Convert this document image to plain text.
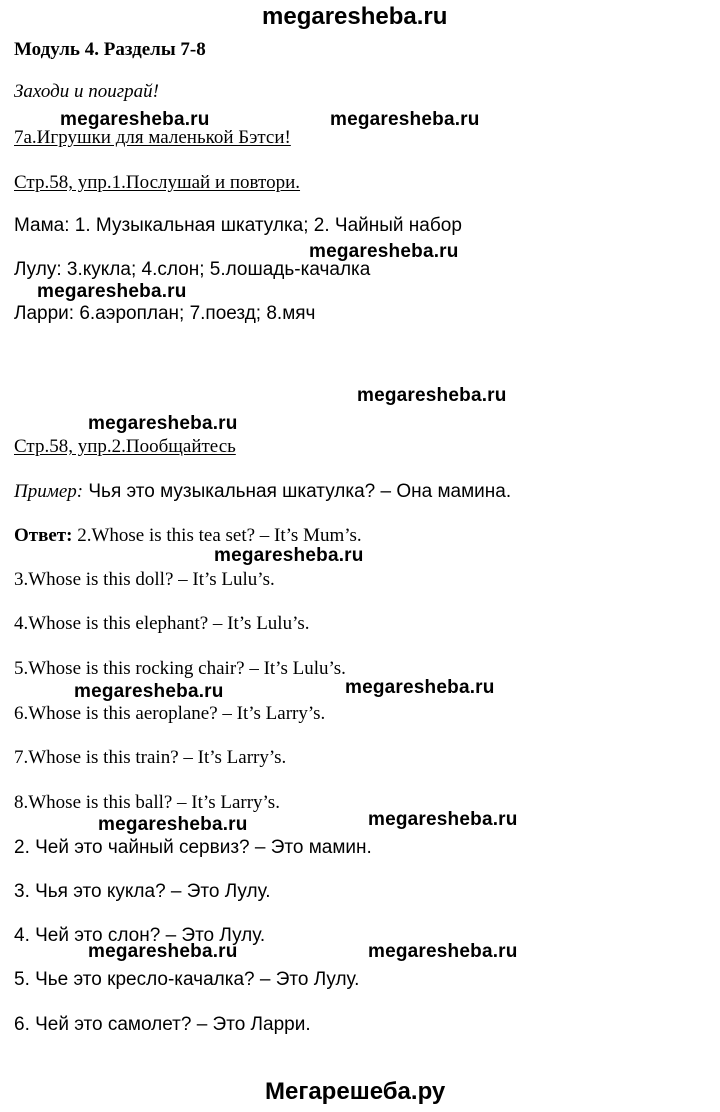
megaresheba.ru
Модуль 4. Разделы 7-8
Заходи и поиграй!
megaresheba.ru	megaresheba.ru
7a.Игрушки для маленькой Бэтси!
Стр.58, упр.1.Послушай и повтори.
Мама: 1. Музыкальная шкатулка; 2. Чайный набор
megaresheba.ru
Лулу: 3.кукла; 4.слон; 5.лошадь-качалка
megaresheba.ru
Ларри: 6.аэроплан; 7.поезд; 8.мяч
megaresheba.ru
megaresheba.ru
Стр.58, упр.2.Пообщайтесь
Пример: Чья это музыкальная шкатулка? – Она мамина.
Ответ: 2.Whose is this tea set? – It’s Mum’s.
megaresheba.ru
3.Whose is this doll? – It’s Lulu’s.
4.Whose is this elephant? – It’s Lulu’s.
5.Whose is this rocking chair? – It’s Lulu’s.
megaresheba.ru	megaresheba.ru
6.Whose is this aeroplane? – It’s Larry’s.
7.Whose is this train? – It’s Larry’s.
8.Whose is this ball? – It’s Larry’s.
megaresheba.ru	megaresheba.ru
2. Чей это чайный сервиз? – Это мамин.
3. Чья это кукла? – Это Лулу.
4. Чей это слон? – Это Лулу.
megaresheba.ru	megaresheba.ru
5. Чье это кресло-качалка? – Это Лулу.
6. Чей это самолет? – Это Ларри.
Мегарешеба.ру
